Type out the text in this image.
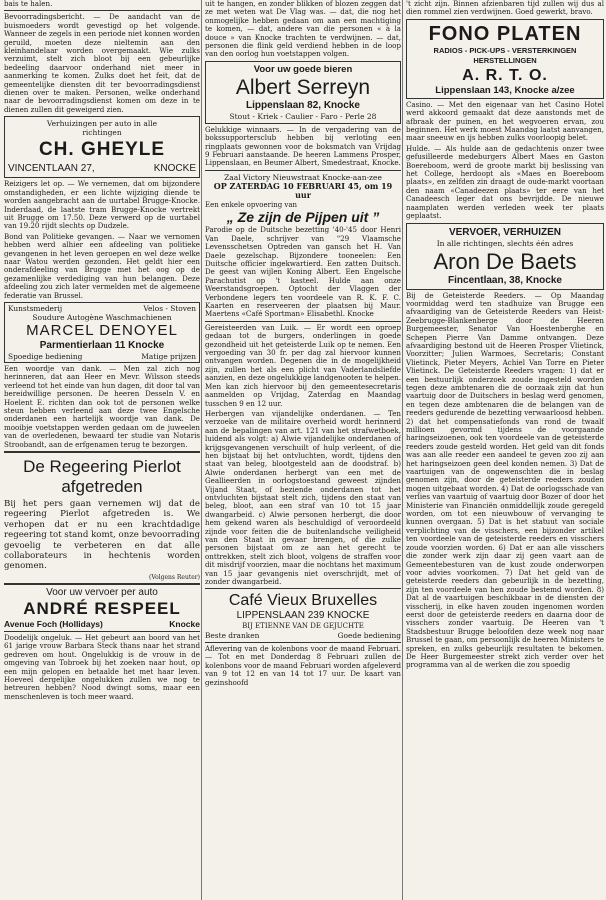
bais te halen.

Bevoorradingsbericht. — De aandacht van de buismoeders wordt gevestigd op het volgende. Wanneer de zegels in een periode niet konnen worden geruild, moeten deze nieltemin aan den kleinhandelaar worden overgemaakt. Wie zulks verzuimt, stelt zich bloot bij een gebeurlijke bedeeling daarvoor onderhand niet meer in aanmerking te komen. Zulks doet het feit, dat de gemeentelijke diensten dit ter bevoorradingsdienst dienen over te maken. Personen, welke onderhand naar de bevoorradingsdienst komen om deze in te dienen zullen dit geweigerd zien.

Verhuizingen per auto in alle richtingen
CH. GHEYLE
VINCENTLAAN 27,	KNOCKE

Reizigers let op. — We vernemen, dat om bijzondere omstandigheden, er een lichte wijziging diende te worden aangebracht aan de uurtabel Brugge-Knocke. Inderdaad, de laatste tram Brugge-Knocke vertrekt uit Brugge om 17.50. Deze verwerd op de uurtabel van 19.20 rijdt slechts op Dudzele.

Bond van Politieke gevangen. — Naar we vernomen hebben werd alhier een afdeeling van politieke gevangenen in het leven geroepen en wel deze welke naar Watou werden gezonden. Het geldt hier een onderafdeeling van Brugge met het oog op de gezamenlijke verdediging van hun belangen. Deze afdeeling zou zich later vermelden met de algemeene federatie van Brussel.

Kunstsmederij	Velos - Stoven
Soudure Autogène Waschmachienen
MARCEL DENOYEL
Parmentierlaan 11 Knocke
Spoedige bediening	Matige prijzen

Een woordje van dank. — Men zal zich nog herinneren, dat aan Heer en Mevr. Wilsson steeds verleend tot het einde van hun dagen, dit door tal van bereidwillige personen. De heeren Desseln V. en Hoelent E. richten dan ook tot de personen welke steun hebben verleend aan deze twee Engelsche onderdanen een hartelijk woordje van dank. De mooibje voetstappen werden gedaan om de juweelen van de overledenen, bewaard ter studie van Notaris Stroobandt, aan de erfgenamen terug te bezorgen.

De Regeering Pierlot afgetreden

Bij het pers gaan vernemen wij dat de regeering Pierlot afgetreden is. We verhopen dat er nu een krachtdadige regeering tot stand komt, onze bevoorrading gevoelig te verbeteren en dat alle collaborateurs in hechtenis worden genomen.

(Volgens Reuter)
Voor uw vervoer per auto
ANDRÉ RESPEEL
Avenue Foch (Hollidays)	Knocke

Doodelijk ongeluk. — Het gebeurt aan boord van het 61 jarige vrouw Barbara Steck thans naar het strand gedreven om hout. Ongelukkig is de vrouw in de omgeving van Tobroek bij het zoeken naar hout, op een mijn gelopen en betaalde het met haar leven. Hoeveel dergelijke ongelukken zullen we nog te betreuren hebben? Nood dwingt soms, maar een menschenleven is toch meer waard.

uit te hangen, en zonder blikken of blozen zeggen dat ze met weten wat De Vlag was. — dat, die nog het onmogelijke hebben gedaan om aan een machtiging te komen, — dat, andere van die personen « à la douce » van Knocke trachten te verdwijnen. — dat, personen die flink geld verdiend hebben in de loop van den oorlog hun voetstappen volgen.

Voor uw goede bieren
Albert Serreyn
Lippenslaan 82, Knocke
Stout - Kriek - Caulier - Faro - Perle 28

Gelukkige winnaars. — In de vergadering van de bokssupportersclub hebben bij verloting een ringplaats gewonnen voor de boksmatch van Vrijdag 9 Februari aanstaande. De heeren Lammens Prosper, Lippenslaan, en Beumer Albert, Smedestraat, Knocke.

Zaal Victory Nieuwstraat Knocke-aan-zee
OP ZATERDAG 10 FEBRUARI 45, om 19 uur
Een enkele opvoering van
„ Ze zijn de Pijpen uit ”

Parodie op de Duitsche bezetting '40-'45 door Henri Van Daele, schrijver van "29 Vlaamsche Levensschetsen Optreden van gansch het H. Van Daele gezelschap. Bijzondere tooneelen: Een Duitsche officier ingekwartierd. Een zatten Duitsch. De geest van wijlen Koning Albert. Een Engelsche Parachutist op 't kasteel. Hulde aan onze Weerstandsgroepen. Optocht der Vlaggen der Verbondene legers ten voordeele van R. K. F. C. Kaarten en reserveeren der plaatsen bij Maur. Maertens «Café Sportman» Elisabethl. Knocke

Gereisteerden van Luik. — Er wordt een oproep gedaan tot de burgers, onderlingen in goede gezondheid uit het geteisterde Luik op te nemen. Een vergoeding van 30 fr. per dag zal hiervoor kunnen ontvangen worden. Degenen die in de mogelijkheid zijn, zullen het als een plicht van Vaderlandsliefde aanzien, en deze ongelukkige landgenooten te helpen. Men kan zich hiervoor bij den gemeentesecretaris aanmelden op Vrijdag, Zaterdag en Maandag tusschen 9 en 12 uur.

Herbergen van vijandelijke onderdanen. — Ten verzoeke van de militaire overheid wordt herinnerd aan de bepalingen van art. 121 van het strafwetboek, luidend als volgt: a) Alwie vijandelijke onderdanen of krijgsgevangenen verschuilt of hulp verleent, of die hen bijstaat bij het ontvluchten, wordt, tijdens den staat van beleg, blootgesteld aan de doodstraf. b) Alwie onderdanen herbergt van een met de Geallieerden in oorlogstoestand geweest zijnden Vijand Staat, of beziende onderdanen tot het ontvluchten bijstaat stelt zich, tijdens den staat van beleg, bloot, aan een straf van 10 tot 15 jaar dwangarbeid. c) Alwie personen herbergt, die door hem gekend waren als beschuldigd of veroordeeld zijnde voor feiten die de buitenlandsche veiligheid van den Staat in gevaar brengen, of die zulke personen bijstaat om ze aan het gerecht te onttrekken, stelt zich bloot, volgens de straffen voor dit misdrijf voorzien, maar die nochtans het maximum van 15 jaar gevangenis niet overschrijdt, met of zonder dwangarbeid.

Café Vieux Bruxelles
LIPPENSLAAN 239 KNOCKE
BIJ ETIENNE VAN DE GEJUCHTE
Beste dranken	Goede bediening

Aflevering van de kolenbons voor de maand Februari. — Tot en met Donderdag 8 Februari zullen de kolenbons voor de maand Februari worden afgeleverd van 9 tot 12 en van 14 tot 17 uur. De kaart van gezinshoofd

't zicht zijn. Binnen afzienbaren tijd zullen wij dus al dien rommel zien verdwijnen. Goed gewerkt, bravo.

FONO PLATEN
RADIOS - PICK-UPS - VERSTERKINGEN
HERSTELLINGEN
A. R. T. O.
Lippenslaan 143, Knocke a/zee

Casino. — Met den eigenaar van het Casino Hotel werd akkoord gemaakt dat deze aanstonds met de afbraak der puinen, en het wegvoeren ervan, zou beginnen. Het werk moest Maandag laatst aanvangen, maar sneeuw en ijs hebben zulks voorloopig belet.

Hulde. — Als hulde aan de gedachtenis onzer twee gefusilleerde medeburgers Albert Maes en Gaston Boereboom, werd de groote markt bij beslissing van het College, herdoopt als «Maes en Boereboom plaats», en zelfden zin draagt de oude-markt voortaan den naam «Canadeezen plaats» ter eere van het Canadeesch leger dat ons bevrijdde. De nieuwe naamplaten werden verleden week ter plaats geplaatst.

VERVOER, VERHUIZEN
In alle richtingen, slechts één adres
Aron De Baets
Fincentlaan, 38, Knocke

Bij de Geteisterde Reeders. — Op Maandag voormiddag werd ten stadhuize van Brugge een afvaardiging van de Geteisterde Reeders van Heist-Zeebrugge-Blankenberge door de Heeren Burgemeester, Senator Van Hoestenberghe en Schepen Pierre Van Damme ontvangen. Deze afvaardiging bestond uit de Heeren Prosper Vlietinck, Voorzitter; Julien Warmoes, Secretaris; Constant Vlietinck, Pieter Meyers, Achiel Van Torre en Pieter Vlietinck. De Geteisterde Reeders vragen: 1) dat er een bestuurlijk onderzoek zoude ingesteld worden tegen deze ambtenaren die de oorzaak zijn dat hun vaartuig door de Duitschers in beslag werd genomen, en tegen deze ambtenaren die de belangen van de reeders gedurende de bezetting verwaarloosd hebben. 2) dat het compensatiefonds van rond de twaalf millioen gevormd tijdens de voorgaande haringseizoenen, ook ten voordeele van de geteisterde reeders zoude gesteld worden. Het geld van dit fonds was aan alle reeder een aandeel te geven zoo zij aan het haringseizoen geen deel konden nemen. 3) Dat de vaartuigen van de ongewenschten die in beslag genomen zijn, door de geteisterde reeders zouden mogen uitgebaat worden. 4) Dat de oorlogsschade van verlies van vaartuig of vaartuig door Bozer of door het Ministerie van Financiën onmiddellijk zoude geregeld worden, om tot een nieuwbouw of vervanging te kunnen overgaan. 5) Dat is het statuut van sociale verplichting van de visschers, een bijzonder artikel ten voordeele van de geteisterde reeders en visschers zoude voorzien worden. 6) Dat er aan alle visschers die zonder werk zijn daar zij geen vaart aan de Gemeentebesturen van de kust zoude onderworpen voor advies voorkomen. 7) Dat het geld van de geteisterde reeders dan gebeurlijk in de bezetting, zijn ten voordeele van hen zoude bestemd worden. 8) Dat al de vaartuigen beschikbaar in de diensten der visscherij, in elke haven zouden ingenomen worden eerst door de geteisterde reeders en daarna door de visschers zonder vaartuig. De Heeren van 't Stadsbestuur Brugge beloofden deze week nog naar Brussel te gaan, om persoonlijk de heeren Ministers te spreken, en zulks gebeurlijk resultaten te bekomen. De Heer Burgemeester strekt zich verder over het programma van al de werken die zou spoedig
